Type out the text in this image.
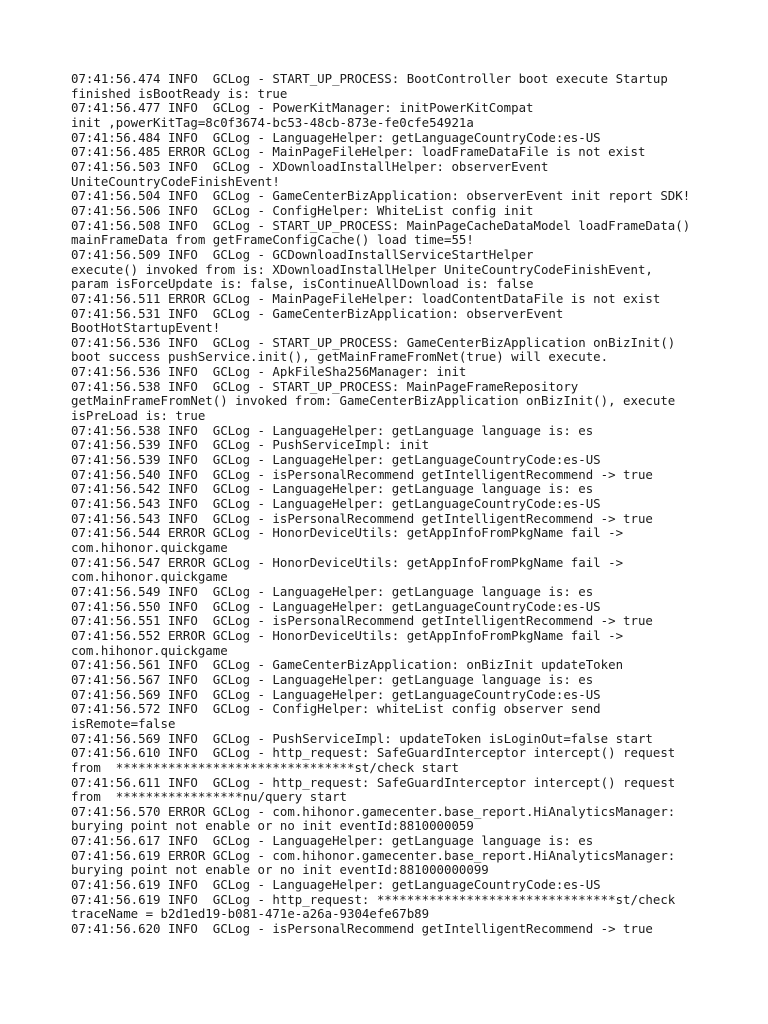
07:41:56.474 INFO  GCLog - START_UP_PROCESS: BootController boot execute Startup
finished isBootReady is: true
07:41:56.477 INFO  GCLog - PowerKitManager: initPowerKitCompat
init ,powerKitTag=8c0f3674-bc53-48cb-873e-fe0cfe54921a
07:41:56.484 INFO  GCLog - LanguageHelper: getLanguageCountryCode:es-US
07:41:56.485 ERROR GCLog - MainPageFileHelper: loadFrameDataFile is not exist
07:41:56.503 INFO  GCLog - XDownloadInstallHelper: observerEvent
UniteCountryCodeFinishEvent!
07:41:56.504 INFO  GCLog - GameCenterBizApplication: observerEvent init report SDK!
07:41:56.506 INFO  GCLog - ConfigHelper: WhiteList config init
07:41:56.508 INFO  GCLog - START_UP_PROCESS: MainPageCacheDataModel loadFrameData()
mainFrameData from getFrameConfigCache() load time=55!
07:41:56.509 INFO  GCLog - GCDownloadInstallServiceStartHelper
execute() invoked from is: XDownloadInstallHelper UniteCountryCodeFinishEvent,
param isForceUpdate is: false, isContinueAllDownload is: false
07:41:56.511 ERROR GCLog - MainPageFileHelper: loadContentDataFile is not exist
07:41:56.531 INFO  GCLog - GameCenterBizApplication: observerEvent
BootHotStartupEvent!
07:41:56.536 INFO  GCLog - START_UP_PROCESS: GameCenterBizApplication onBizInit()
boot success pushService.init(), getMainFrameFromNet(true) will execute.
07:41:56.536 INFO  GCLog - ApkFileSha256Manager: init
07:41:56.538 INFO  GCLog - START_UP_PROCESS: MainPageFrameRepository
getMainFrameFromNet() invoked from: GameCenterBizApplication onBizInit(), execute
isPreLoad is: true
07:41:56.538 INFO  GCLog - LanguageHelper: getLanguage language is: es
07:41:56.539 INFO  GCLog - PushServiceImpl: init
07:41:56.539 INFO  GCLog - LanguageHelper: getLanguageCountryCode:es-US
07:41:56.540 INFO  GCLog - isPersonalRecommend getIntelligentRecommend -> true
07:41:56.542 INFO  GCLog - LanguageHelper: getLanguage language is: es
07:41:56.543 INFO  GCLog - LanguageHelper: getLanguageCountryCode:es-US
07:41:56.543 INFO  GCLog - isPersonalRecommend getIntelligentRecommend -> true
07:41:56.544 ERROR GCLog - HonorDeviceUtils: getAppInfoFromPkgName fail ->
com.hihonor.quickgame
07:41:56.547 ERROR GCLog - HonorDeviceUtils: getAppInfoFromPkgName fail ->
com.hihonor.quickgame
07:41:56.549 INFO  GCLog - LanguageHelper: getLanguage language is: es
07:41:56.550 INFO  GCLog - LanguageHelper: getLanguageCountryCode:es-US
07:41:56.551 INFO  GCLog - isPersonalRecommend getIntelligentRecommend -> true
07:41:56.552 ERROR GCLog - HonorDeviceUtils: getAppInfoFromPkgName fail ->
com.hihonor.quickgame
07:41:56.561 INFO  GCLog - GameCenterBizApplication: onBizInit updateToken
07:41:56.567 INFO  GCLog - LanguageHelper: getLanguage language is: es
07:41:56.569 INFO  GCLog - LanguageHelper: getLanguageCountryCode:es-US
07:41:56.572 INFO  GCLog - ConfigHelper: whiteList config observer send
isRemote=false
07:41:56.569 INFO  GCLog - PushServiceImpl: updateToken isLoginOut=false start
07:41:56.610 INFO  GCLog - http_request: SafeGuardInterceptor intercept() request
from  ********************************st/check start
07:41:56.611 INFO  GCLog - http_request: SafeGuardInterceptor intercept() request
from  *****************nu/query start
07:41:56.570 ERROR GCLog - com.hihonor.gamecenter.base_report.HiAnalyticsManager:
burying point not enable or no init eventId:8810000059
07:41:56.617 INFO  GCLog - LanguageHelper: getLanguage language is: es
07:41:56.619 ERROR GCLog - com.hihonor.gamecenter.base_report.HiAnalyticsManager:
burying point not enable or no init eventId:881000000099
07:41:56.619 INFO  GCLog - LanguageHelper: getLanguageCountryCode:es-US
07:41:56.619 INFO  GCLog - http_request: ********************************st/check
traceName = b2d1ed19-b081-471e-a26a-9304efe67b89
07:41:56.620 INFO  GCLog - isPersonalRecommend getIntelligentRecommend -> true
